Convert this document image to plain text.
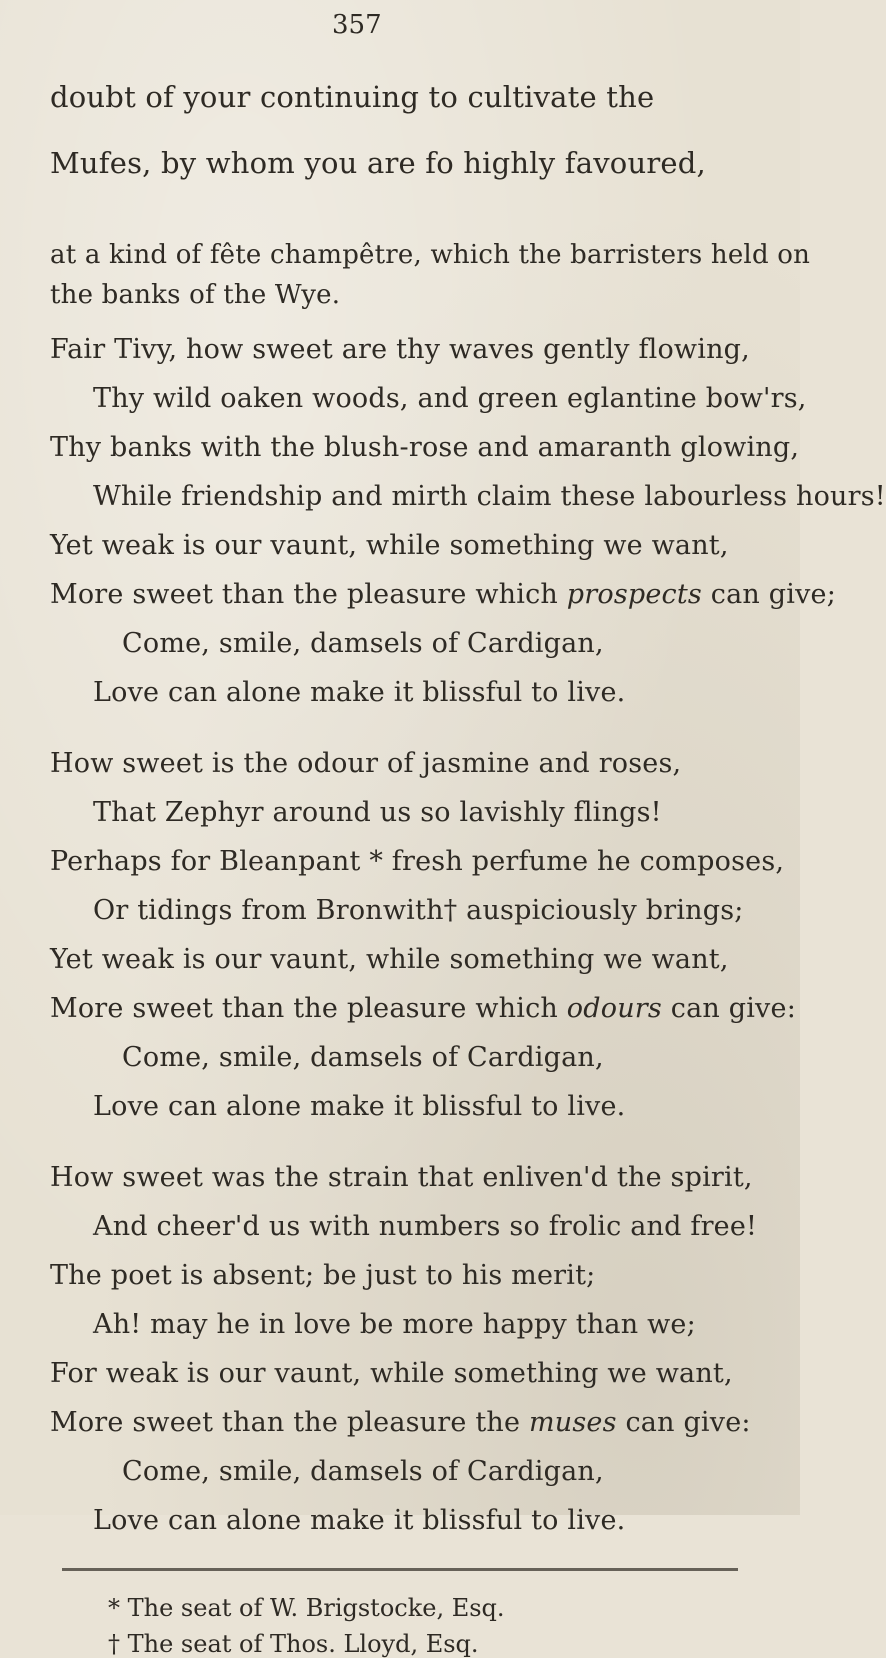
357
doubt of your continuing to cultivate the
Mufes, by whom you are fo highly favoured,
at a kind of fête champêtre, which the barristers held on
the banks of the Wye.
Fair Tivy, how sweet are thy waves gently flowing,
Thy wild oaken woods, and green eglantine bow'rs,
Thy banks with the blush-rose and amaranth glowing,
While friendship and mirth claim these labourless hours!
Yet weak is our vaunt, while something we want,
More sweet than the pleasure which prospects can give;
Come, smile, damsels of Cardigan,
Love can alone make it blissful to live.
How sweet is the odour of jasmine and roses,
That Zephyr around us so lavishly flings!
Perhaps for Bleanpant * fresh perfume he composes,
Or tidings from Bronwith† auspiciously brings;
Yet weak is our vaunt, while something we want,
More sweet than the pleasure which odours can give:
Come, smile, damsels of Cardigan,
Love can alone make it blissful to live.
How sweet was the strain that enliven'd the spirit,
And cheer'd us with numbers so frolic and free!
The poet is absent; be just to his merit;
Ah! may he in love be more happy than we;
For weak is our vaunt, while something we want,
More sweet than the pleasure the muses can give:
Come, smile, damsels of Cardigan,
Love can alone make it blissful to live.
* The seat of W. Brigstocke, Esq.
† The seat of Thos. Lloyd, Esq.
